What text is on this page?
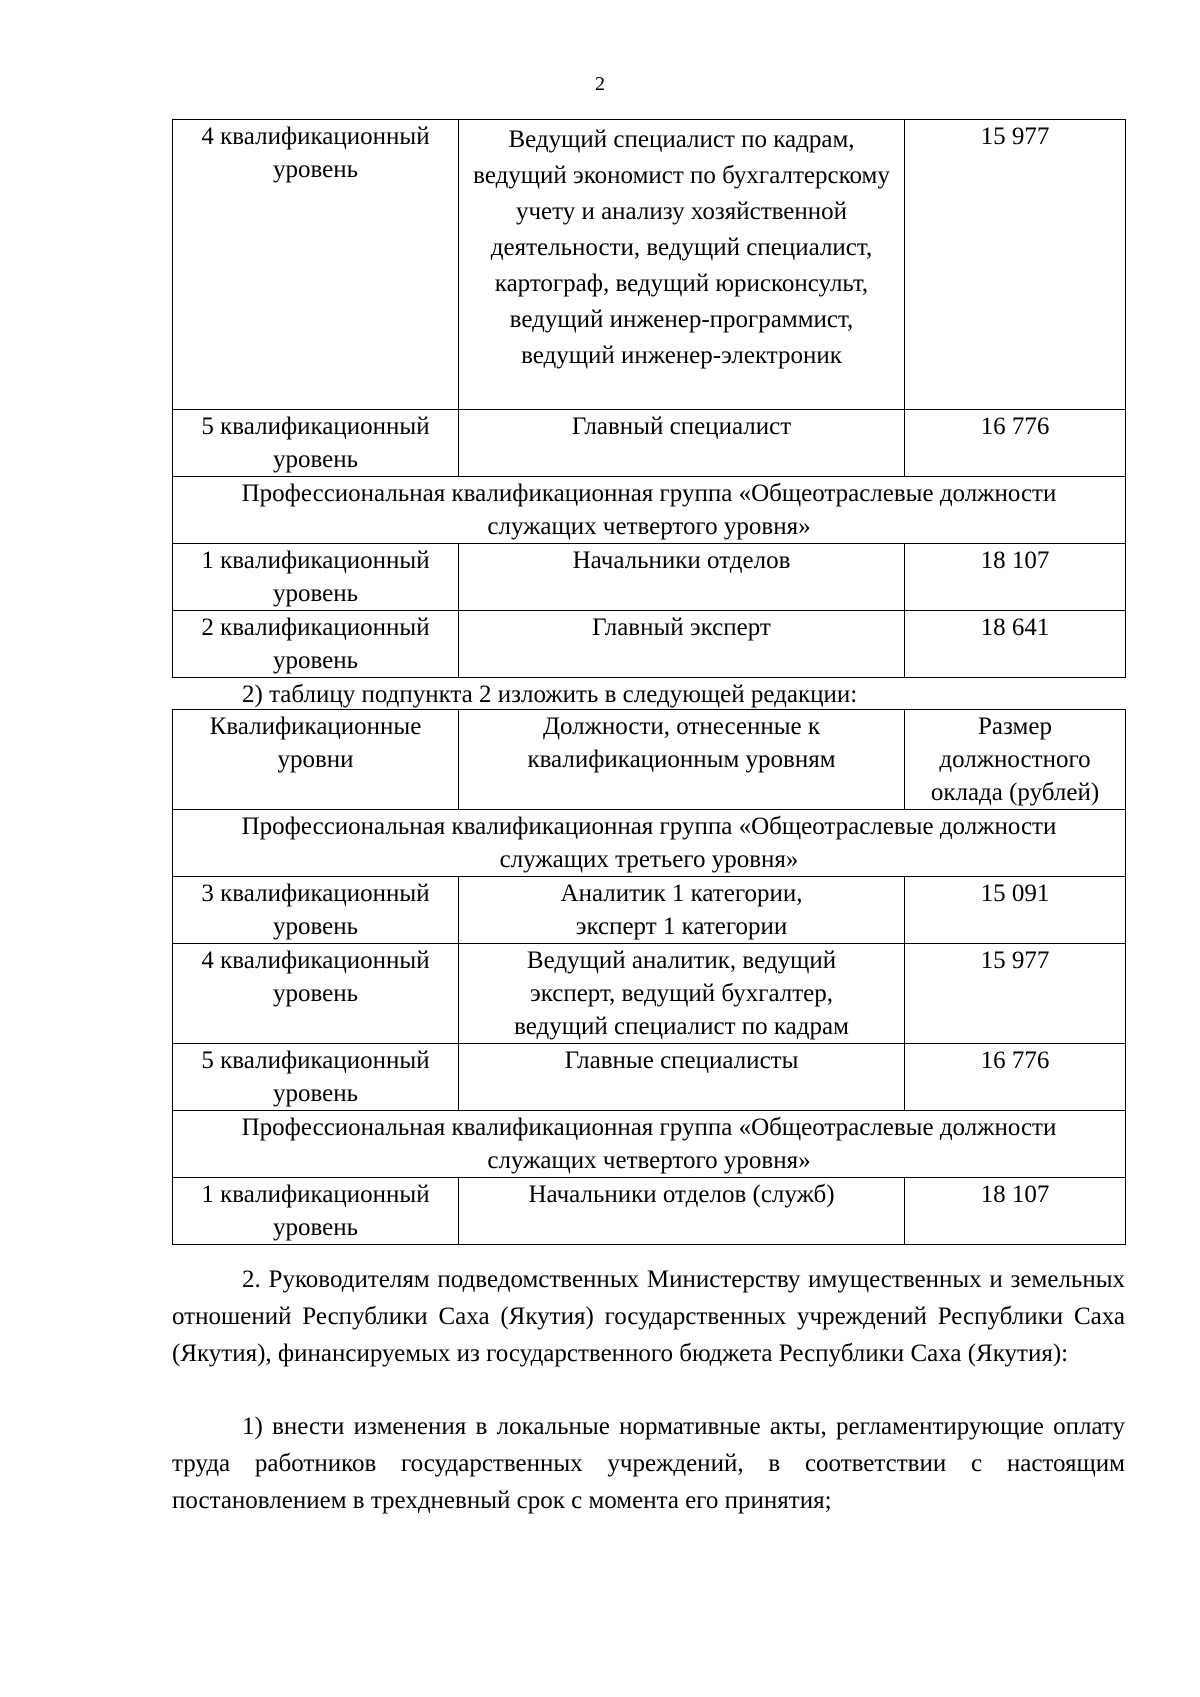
2
4 квалификационный уровень	Ведущий специалист по кадрам, ведущий экономист по бухгалтерскому учету и анализу хозяйственной деятельности, ведущий специалист, картограф, ведущий юрисконсульт, ведущий инженер-программист, ведущий инженер-электроник	15 977
5 квалификационный уровень	Главный специалист	16 776
Профессиональная квалификационная группа «Общеотраслевые должности служащих четвертого уровня»		
1 квалификационный уровень	Начальники отделов	18 107
2 квалификационный уровень	Главный эксперт	18 641
2) таблицу подпункта 2 изложить в следующей редакции:
Квалификационные уровни	Должности, отнесенные к квалификационным уровням	Размер должностного оклада (рублей)
Профессиональная квалификационная группа «Общеотраслевые должности служащих третьего уровня»		
3 квалификационный уровень	Аналитик 1 категории, эксперт 1 категории	15 091
4 квалификационный уровень	Ведущий аналитик, ведущий эксперт, ведущий бухгалтер, ведущий специалист по кадрам	15 977
5 квалификационный уровень	Главные специалисты	16 776
Профессиональная квалификационная группа «Общеотраслевые должности служащих четвертого уровня»		
1 квалификационный уровень	Начальники отделов (служб)	18 107

2. Руководителям подведомственных Министерству имущественных и земельных отношений Республики Саха (Якутия) государственных учреждений Республики Саха (Якутия), финансируемых из государственного бюджета Республики Саха (Якутия):

1) внести изменения в локальные нормативные акты, регламентирующие оплату труда работников государственных учреждений, в соответствии с настоящим постановлением в трехдневный срок с момента его принятия;
